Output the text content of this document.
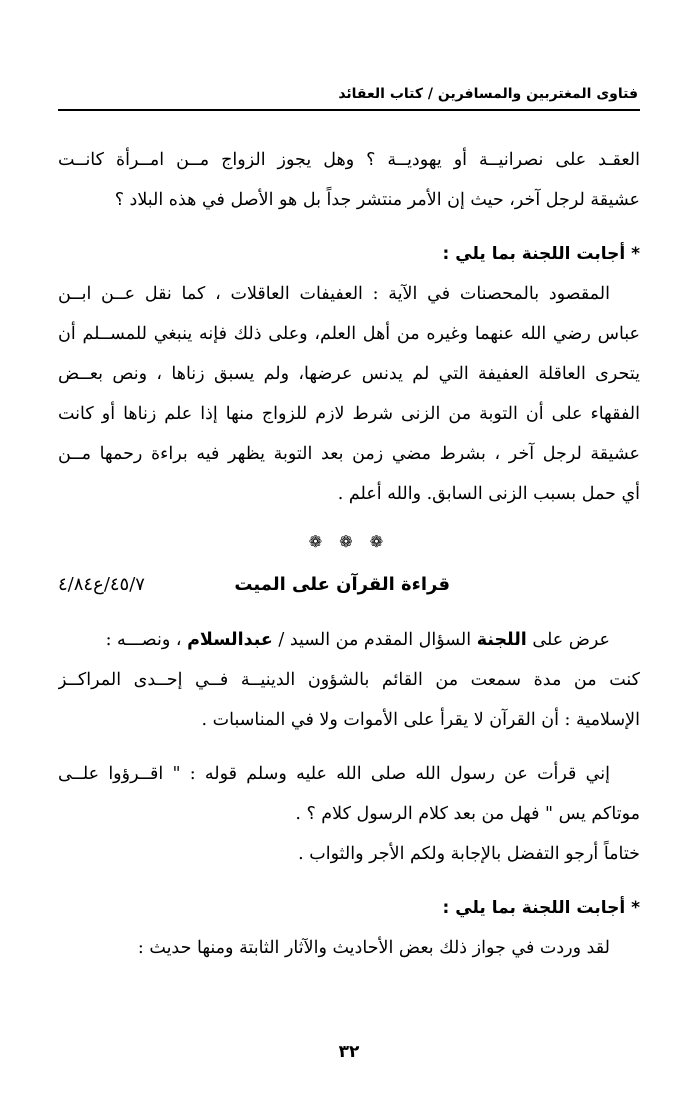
فتاوى المغتربين والمسافرين / كتاب العقائد
العقـد على نصرانيــة أو يهوديــة ؟ وهل يجوز الزواج مــن امــرأة كانــت
عشيقة لرجل آخر، حيث إن الأمر منتشر جداً بل هو الأصل في هذه البلاد ؟
* أجابت اللجنة بما يلي :
المقصود بالمحصنات في الآية : العفيفات العاقلات ، كما نقل عــن ابــن
عباس رضي الله عنهما وغيره من أهل العلم، وعلى ذلك فإنه ينبغي للمســلم أن
يتحرى العاقلة العفيفة التي لم يدنس عرضها، ولم يسبق زناها ، ونص بعــض
الفقهاء على أن التوبة من الزنى شرط لازم للزواج منها إذا علم زناها أو كانت
عشيقة لرجل آخر ، بشرط مضي زمن بعد التوبة يظهر فيه براءة رحمها مــن
أي حمل بسبب الزنى السابق. والله أعلم .
❁ ❁ ❁
قراءة القرآن على الميت
٤٥/٧/ع٤/٨٤
عرض على اللجنة السؤال المقدم من السيد / عبدالسلام ، ونصـــه :
كنت من مدة سمعت من القائم بالشؤون الدينيــة فــي إحــدى المراكــز
الإسلامية : أن القرآن لا يقرأ على الأموات ولا في المناسبات .
إني قرأت عن رسول الله صلى الله عليه وسلم قوله : " اقــرؤوا علــى
موتاكم يس " فهل من بعد كلام الرسول كلام ؟ .
ختاماً أرجو التفضل بالإجابة ولكم الأجر والثواب .
* أجابت اللجنة بما يلي :
لقد وردت في جواز ذلك بعض الأحاديث والآثار الثابتة ومنها حديث :
٣٢
